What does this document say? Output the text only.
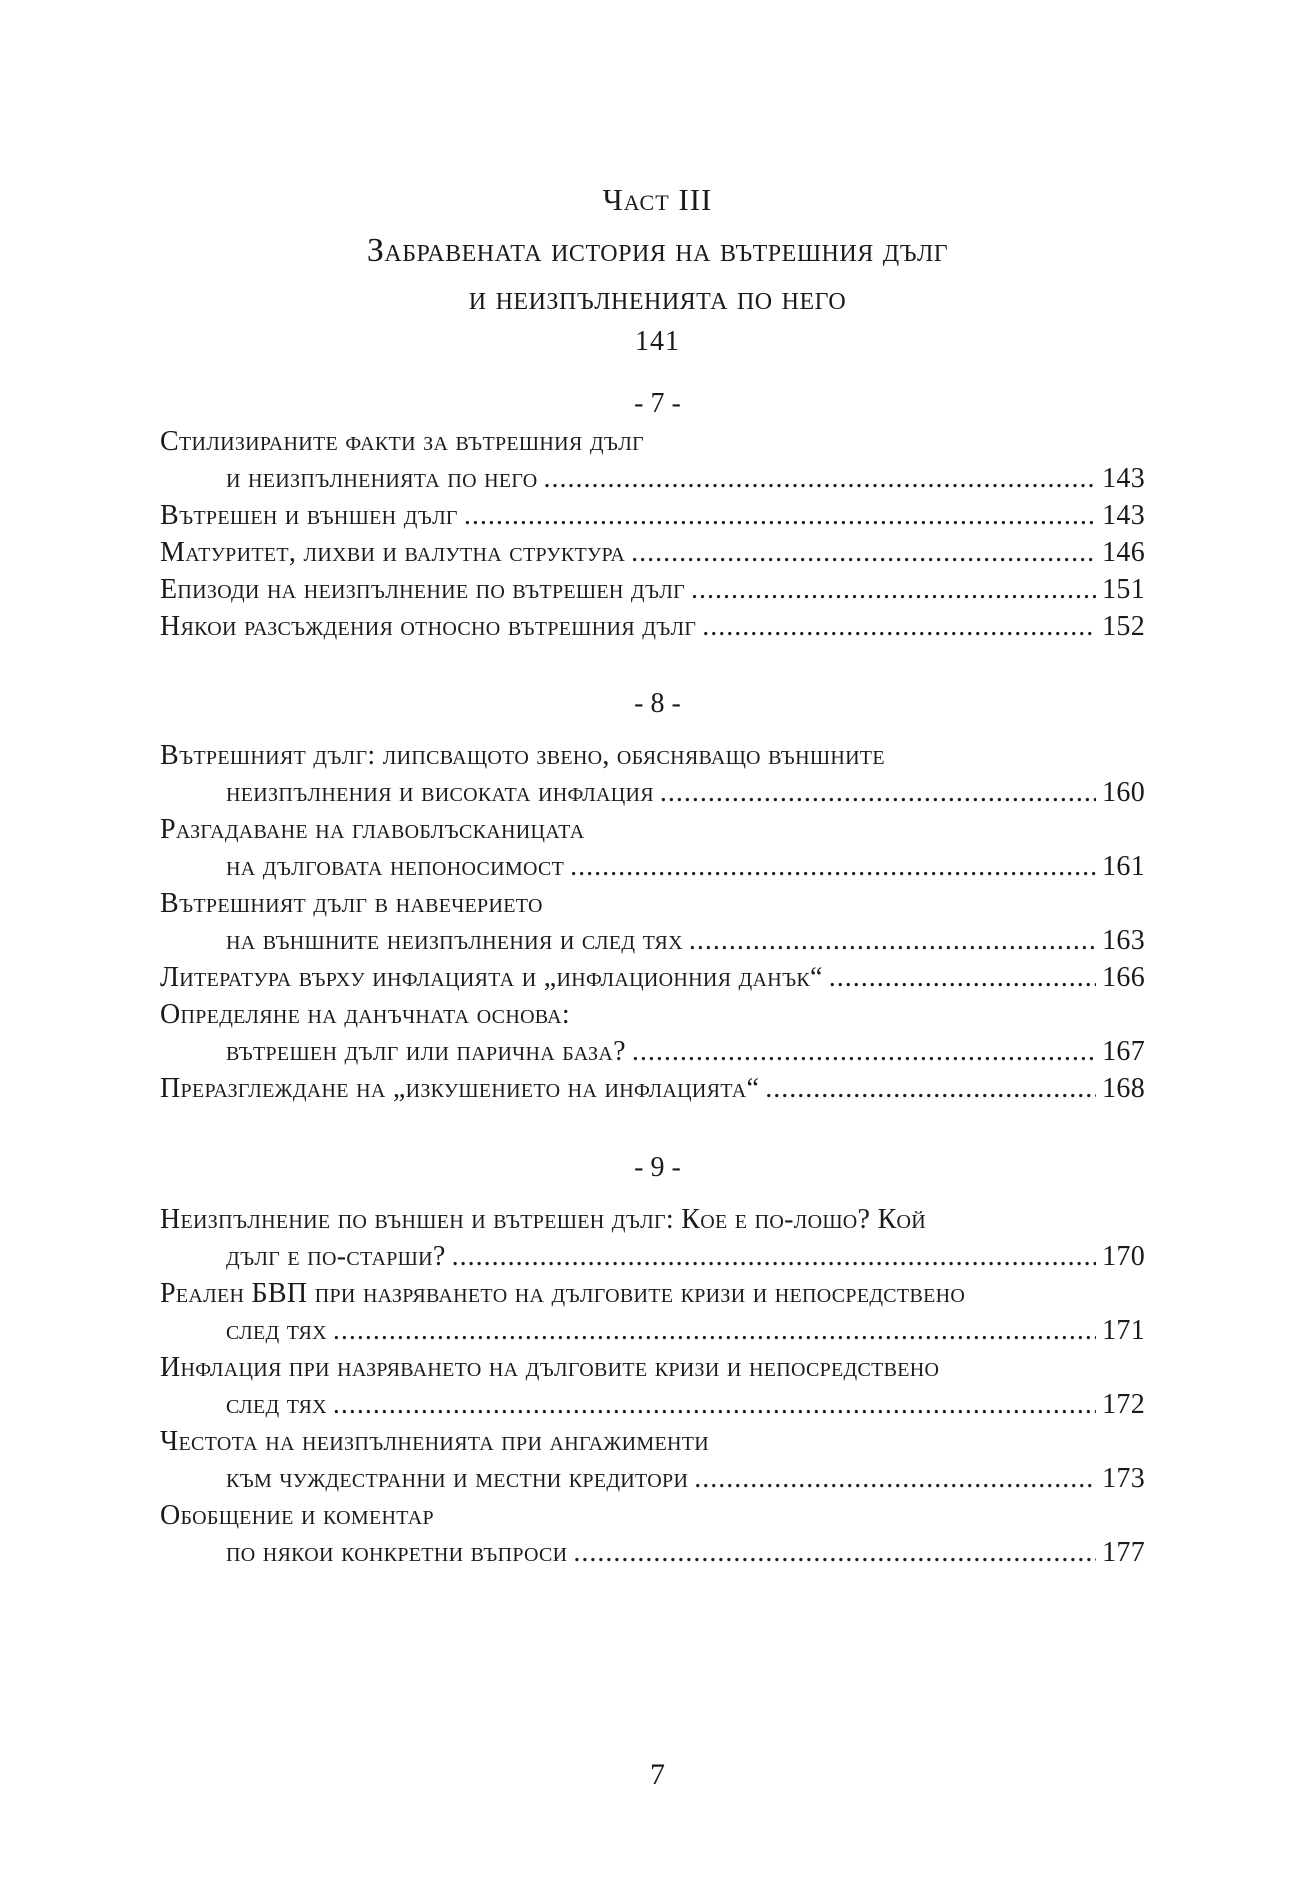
Част III
Забравената история на вътрешния дълг
и неизпълненията по него
141
- 7 -
Стилизираните факти за вътрешния дълг
и неизпълненията по него .....	143
Вътрешен и външен дълг .....	143
Матуритет, лихви и валутна структура .....	146
Епизоди на неизпълнение по вътрешен дълг .....	151
Някои разсъждения относно вътрешния дълг .....	152
- 8 -
Вътрешният дълг: липсващото звено, обясняващо външните
неизпълнения и високата инфлация .....	160
Разгадаване на главоблъсканицата
на дълговата непоносимост .....	161
Вътрешният дълг в навечерието
на външните неизпълнения и след тях .....	163
Литература върху инфлацията и „инфлационния данък“ .....	166
Определяне на данъчната основа:
вътрешен дълг или парична база? .....	167
Преразглеждане на „изкушението на инфлацията“ .....	168
- 9 -
Неизпълнение по външен и вътрешен дълг: Кое е по-лошо? Кой
дълг е по-старши? .....	170
Реален БВП при назряването на дълговите кризи и непосредствено
след тях .....	171
Инфлация при назряването на дълговите кризи и непосредствено
след тях .....	172
Честота на неизпълненията при ангажименти
към чуждестранни и местни кредитори .....	173
Обобщение и коментар
по някои конкретни въпроси .....	177
7
